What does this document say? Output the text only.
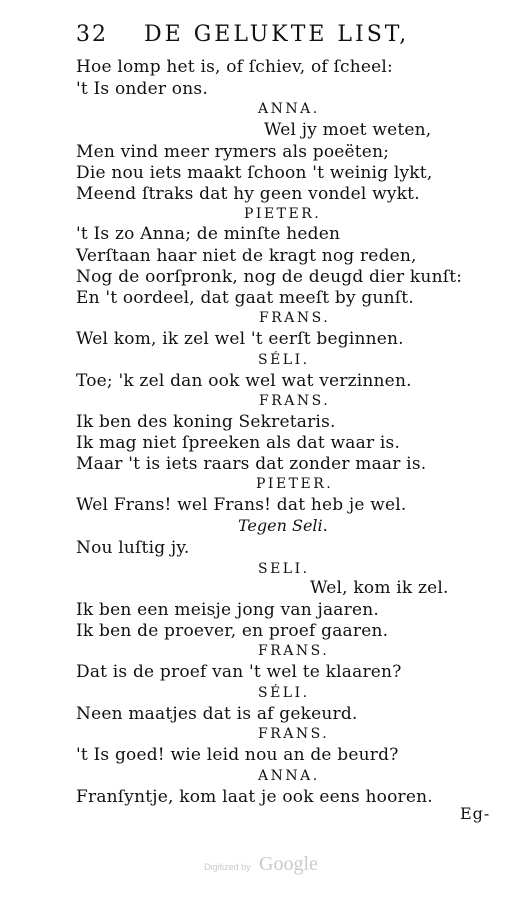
32 DE GELUKTE LIST,
Hoe lomp het is, of ſchiev, of ſcheel:
't Is onder ons.
ANNA.
Wel jy moet weten,
Men vind meer rymers als poeëten;
Die nou iets maakt ſchoon 't weinig lykt,
Meend ſtraks dat hy geen vondel wykt.
PIETER.
't Is zo Anna; de minſte heden
Verſtaan haar niet de kragt nog reden,
Nog de oorſpronk, nog de deugd dier kunſt:
En 't oordeel, dat gaat meeſt by gunſt.
FRANS.
Wel kom, ik zel wel 't eerſt beginnen.
SÉLI.
Toe; 'k zel dan ook wel wat verzinnen.
FRANS.
Ik ben des koning Sekretaris.
Ik mag niet ſpreeken als dat waar is.
Maar 't is iets raars dat zonder maar is.
PIETER.
Wel Frans! wel Frans! dat heb je wel.
Tegen Seli.
Nou luſtig jy.
SELI.
Wel, kom ik zel.
Ik ben een meisje jong van jaaren.
Ik ben de proever, en proef gaaren.
FRANS.
Dat is de proef van 't wel te klaaren?
SÉLI.
Neen maatjes dat is af gekeurd.
FRANS.
't Is goed! wie leid nou an de beurd?
ANNA.
Franſyntje, kom laat je ook eens hooren.
Eg-
Digitized by Google
